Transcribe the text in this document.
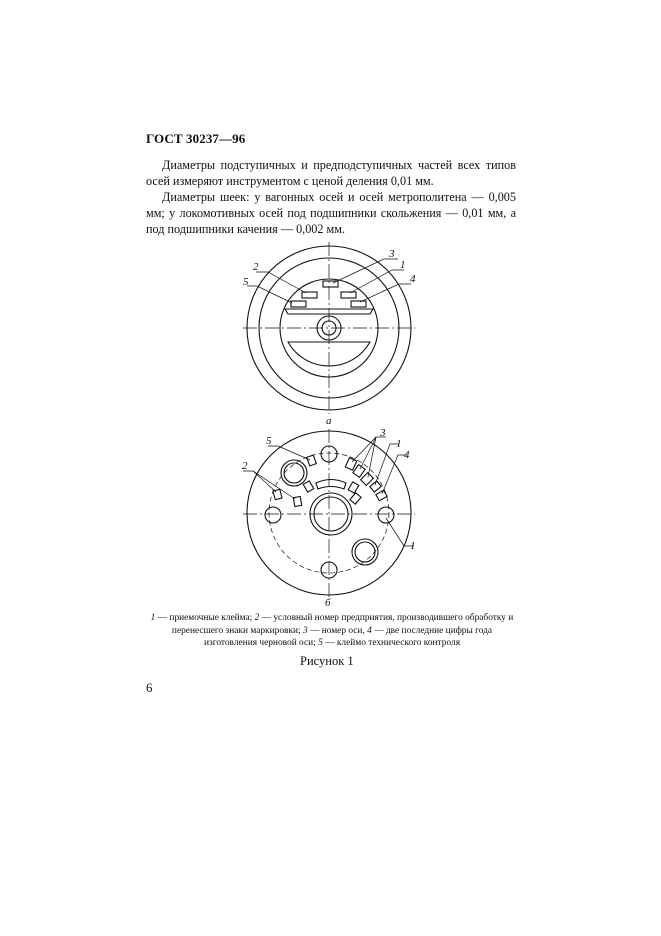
ГОСТ 30237—96

Диаметры подступичных и предподступичных частей всех типов осей измеряют инструментом с ценой деления 0,01 мм.

Диаметры шеек: у вагонных осей и осей метрополитена — 0,005 мм; у локомотивных осей под подшипники скольжения — 0,01 мм, а под подшипники качения — 0,002 мм.

2
5
3
1
4
а
5
2
3
1
4
1
б
1 — приемочные клейма; 2 — условный номер предприятия, производившего обработку и перенесшего знаки маркировки; 3 — номер оси, 4 — две последние цифры года изготовления черновой оси; 5 — клеймо технического контроля
Рисунок 1
6
